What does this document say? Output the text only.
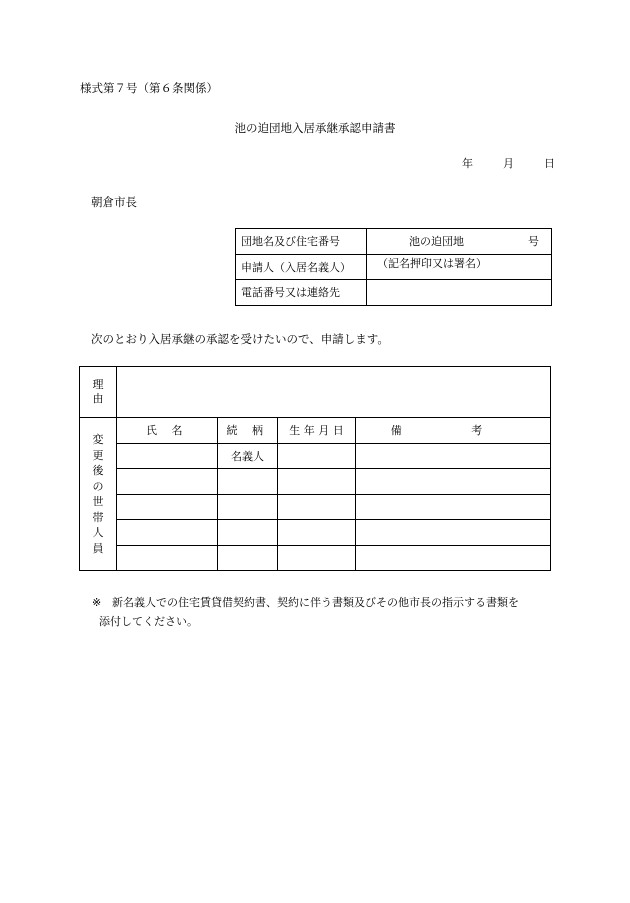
様式第７号（第６条関係）
池の迫団地入居承継承認申請書
年	月	日
朝倉市長
団地名及び住宅番号	池の迫団地 号

申請人（入居名義人）	（記名押印又は署名）

電話番号又は連絡先	
次のとおり入居承継の承認を受けたいので、申請します。
理由				
変更後の世帯人員	氏 名	続 柄	生 年 月 日	備 考
		名義人		

※ 新名義人での住宅賃貸借契約書、契約に伴う書類及びその他市長の指示する書類を
添付してください。
